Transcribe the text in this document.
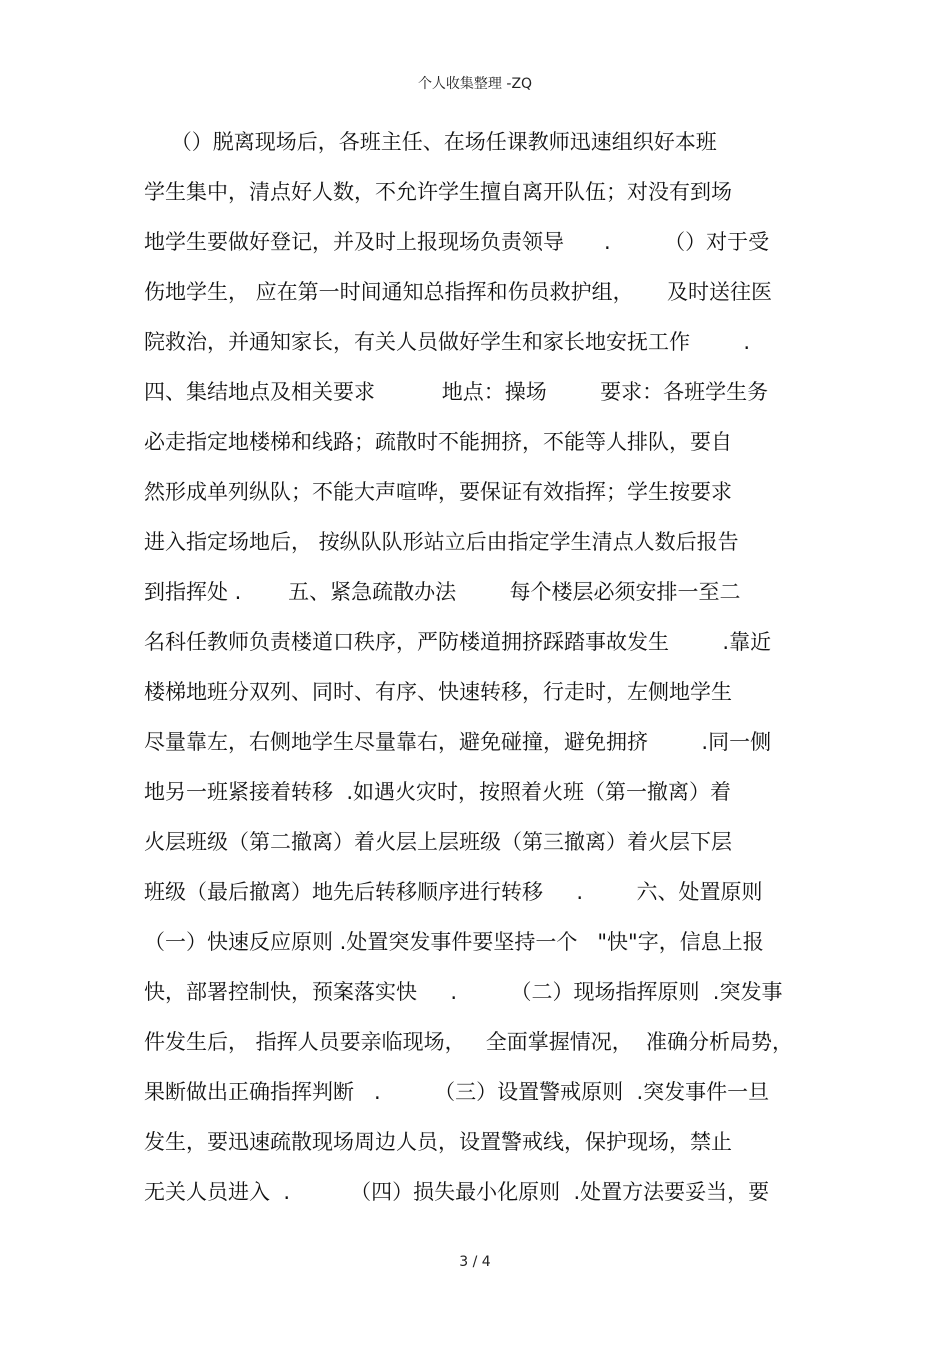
个人收集整理 -ZQ
（）脱离现场后，各班主任、在场任课教师迅速组织好本班
学生集中，清点好人数，不允许学生擅自离开队伍；对没有到场
地学生要做好登记，并及时上报现场负责领导      .        （）对于受
伤地学生， 应在第一时间通知总指挥和伤员救护组，     及时送往医
院救治，并通知家长，有关人员做好学生和家长地安抚工作        .
四、集结地点及相关要求          地点：操场        要求：各班学生务
必走指定地楼梯和线路；疏散时不能拥挤，不能等人排队，要自
然形成单列纵队；不能大声喧哗，要保证有效指挥；学生按要求
进入指定场地后， 按纵队队形站立后由指定学生清点人数后报告
到指挥处 .       五、紧急疏散办法        每个楼层必须安排一至二
名科任教师负责楼道口秩序，严防楼道拥挤踩踏事故发生        .靠近
楼梯地班分双列、同时、有序、快速转移，行走时，左侧地学生
尽量靠左，右侧地学生尽量靠右，避免碰撞，避免拥挤        .同一侧
地另一班紧接着转移  .如遇火灾时，按照着火班（第一撤离）着
火层班级（第二撤离）着火层上层班级（第三撤离）着火层下层
班级（最后撤离）地先后转移顺序进行转移     .        六、处置原则
（一）快速反应原则 .处置突发事件要坚持一个   "快"字，信息上报
快，部署控制快，预案落实快     .        （二）现场指挥原则  .突发事
件发生后， 指挥人员要亲临现场，   全面掌握情况，  准确分析局势，
果断做出正确指挥判断   .        （三）设置警戒原则  .突发事件一旦
发生，要迅速疏散现场周边人员，设置警戒线，保护现场，禁止
无关人员进入  .         （四）损失最小化原则  .处置方法要妥当，要
3 / 4
